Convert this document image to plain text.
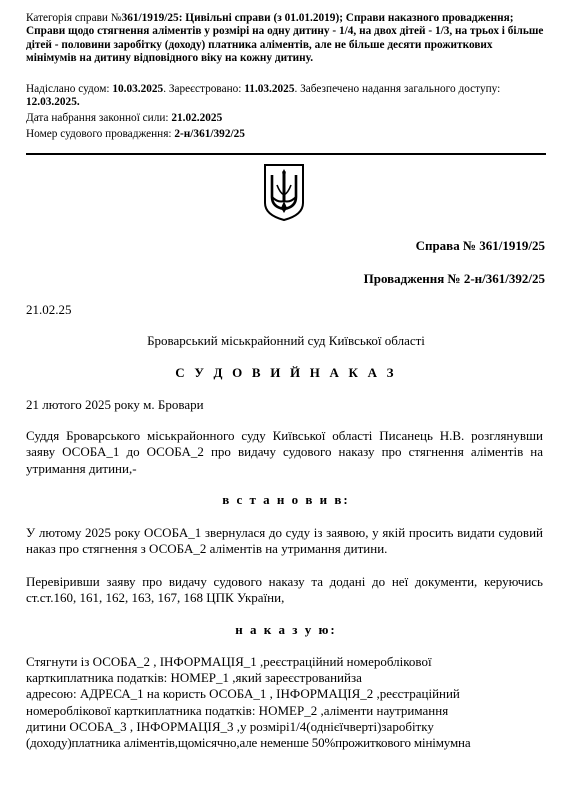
Категорія справи №361/1919/25: Цивільні справи (з 01.01.2019); Справи наказного провадження; Справи щодо стягнення аліментів у розмірі на одну дитину - 1/4, на двох дітей - 1/3, на трьох і більше дітей - половини заробітку (доходу) платника аліментів, але не більше десяти прожиткових мінімумів на дитину відповідного віку на кожну дитину.
Надіслано судом: 10.03.2025. Зареєстровано: 11.03.2025. Забезпечено надання загального доступу: 12.03.2025.
Дата набрання законної сили: 21.02.2025
Номер судового провадження: 2-н/361/392/25
Справа № 361/1919/25
Провадження № 2-н/361/392/25
21.02.25
Броварський міськрайонний суд Київської області
С У Д О В И Й Н А К А З
21 лютого 2025 року м. Бровари
Суддя Броварського міськрайонного суду Київської області Писанець Н.В. розглянувши заяву ОСОБА_1 до ОСОБА_2 про видачу судового наказу про стягнення аліментів на утримання дитини,-
в с т а н о в и в:
У лютому 2025 року ОСОБА_1 звернулася до суду із заявою, у якій просить видати судовий наказ про стягнення з ОСОБА_2 аліментів на утримання дитини.
Перевіривши заяву про видачу судового наказу та додані до неї документи, керуючись ст.ст.160, 161, 162, 163, 167, 168 ЦПК України,
н а к а з у ю:
Стягнути із ОСОБА_2 , ІНФОРМАЦІЯ_1 ,реєстраційний номероблікової
карткиплатника податків: НОМЕР_1 ,який зареєстрованийза
адресою: АДРЕСА_1 на користь ОСОБА_1 , ІНФОРМАЦІЯ_2 ,реєстраційний
номероблікової карткиплатника податків: НОМЕР_2 ,аліменти наутримання
дитини ОСОБА_3 , ІНФОРМАЦІЯ_3 ,у розмірі1/4(однієїчверті)заробітку
(доходу)платника аліментів,щомісячно,але неменше 50%прожиткового мінімумна
